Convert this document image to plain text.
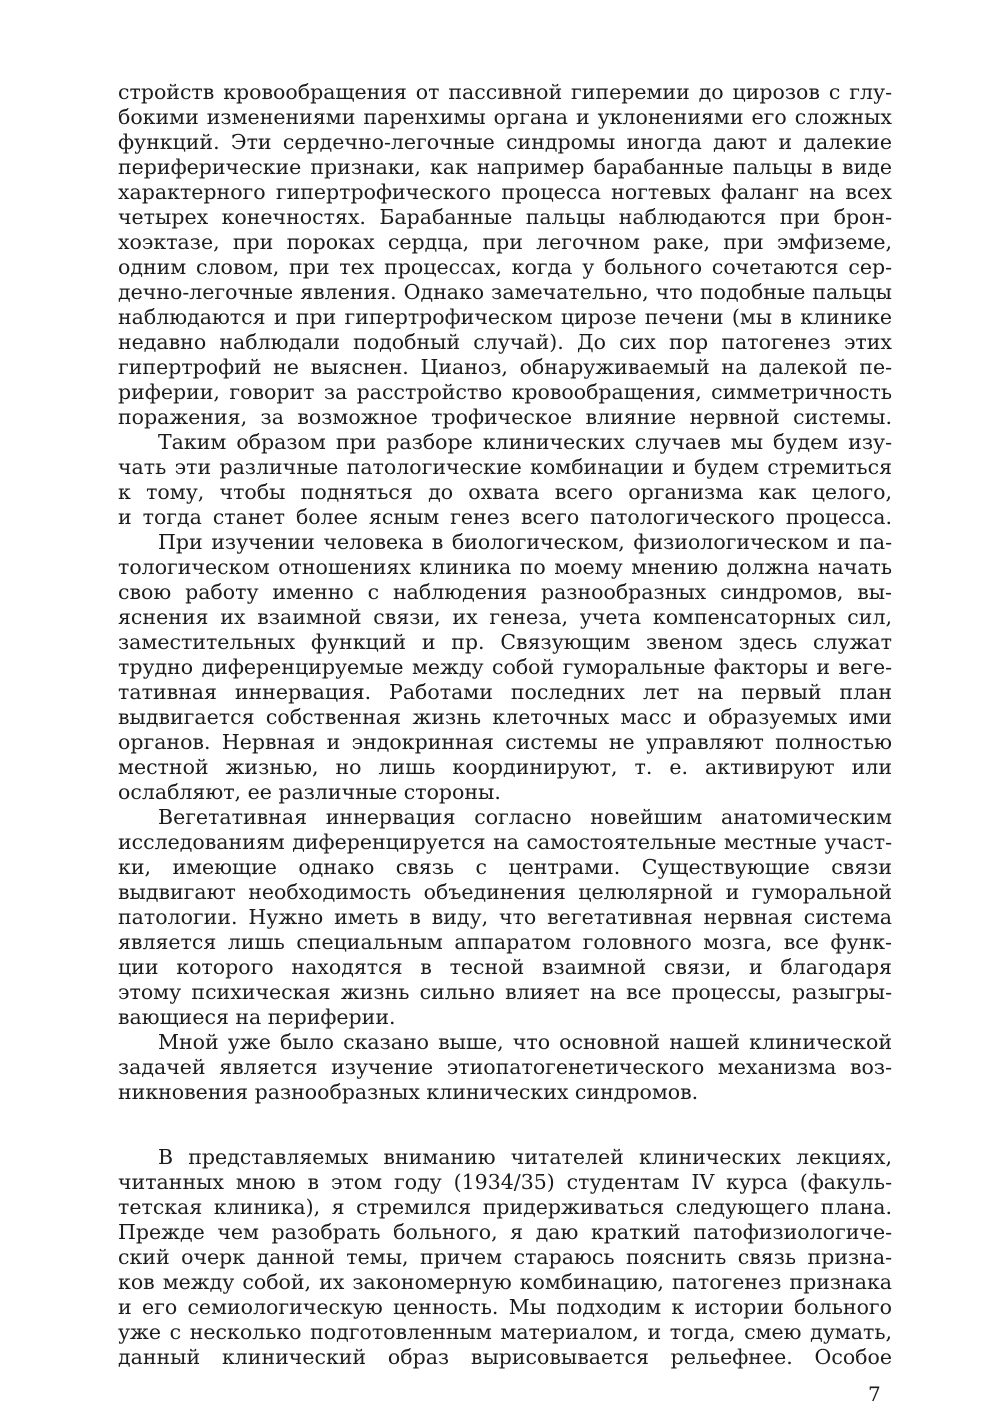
стройств кровообращения от пассивной гиперемии до цирозов с глу-
бокими изменениями паренхимы органа и уклонениями его сложных
функций. Эти сердечно-легочные синдромы иногда дают и далекие
периферические признаки, как например барабанные пальцы в виде
характерного гипертрофического процесса ногтевых фаланг на всех
четырех конечностях. Барабанные пальцы наблюдаются при брон-
хоэктазе, при пороках сердца, при легочном раке, при эмфиземе,
одним словом, при тех процессах, когда у больного сочетаются сер-
дечно-легочные явления. Однако замечательно, что подобные пальцы
наблюдаются и при гипертрофическом цирозе печени (мы в клинике
недавно наблюдали подобный случай). До сих пор патогенез этих
гипертрофий не выяснен. Цианоз, обнаруживаемый на далекой пе-
риферии, говорит за расстройство кровообращения, симметричность
поражения, за возможное трофическое влияние нервной системы.
Таким образом при разборе клинических случаев мы будем изу-
чать эти различные патологические комбинации и будем стремиться
к тому, чтобы подняться до охвата всего организма как целого,
и тогда станет более ясным генез всего патологического процесса.
При изучении человека в биологическом, физиологическом и па-
тологическом отношениях клиника по моему мнению должна начать
свою работу именно с наблюдения разнообразных синдромов, вы-
яснения их взаимной связи, их генеза, учета компенсаторных сил,
заместительных функций и пр. Связующим звеном здесь служат
трудно диференцируемые между собой гуморальные факторы и веге-
тативная иннервация. Работами последних лет на первый план
выдвигается собственная жизнь клеточных масс и образуемых ими
органов. Нервная и эндокринная системы не управляют полностью
местной жизнью, но лишь координируют, т. е. активируют или
ослабляют, ее различные стороны.
Вегетативная иннервация согласно новейшим анатомическим
исследованиям диференцируется на самостоятельные местные участ-
ки, имеющие однако связь с центрами. Существующие связи
выдвигают необходимость объединения целюлярной и гуморальной
патологии. Нужно иметь в виду, что вегетативная нервная система
является лишь специальным аппаратом головного мозга, все функ-
ции которого находятся в тесной взаимной связи, и благодаря
этому психическая жизнь сильно влияет на все процессы, разыгры-
вающиеся на периферии.
Мной уже было сказано выше, что основной нашей клинической
задачей является изучение этиопатогенетического механизма воз-
никновения разнообразных клинических синдромов.
В представляемых вниманию читателей клинических лекциях,
читанных мною в этом году (1934/35) студентам IV курса (факуль-
тетская клиника), я стремился придерживаться следующего плана.
Прежде чем разобрать больного, я даю краткий патофизиологиче-
ский очерк данной темы, причем стараюсь пояснить связь призна-
ков между собой, их закономерную комбинацию, патогенез признака
и его семиологическую ценность. Мы подходим к истории больного
уже с несколько подготовленным материалом, и тогда, смею думать,
данный клинический образ вырисовывается рельефнее. Особое
7
